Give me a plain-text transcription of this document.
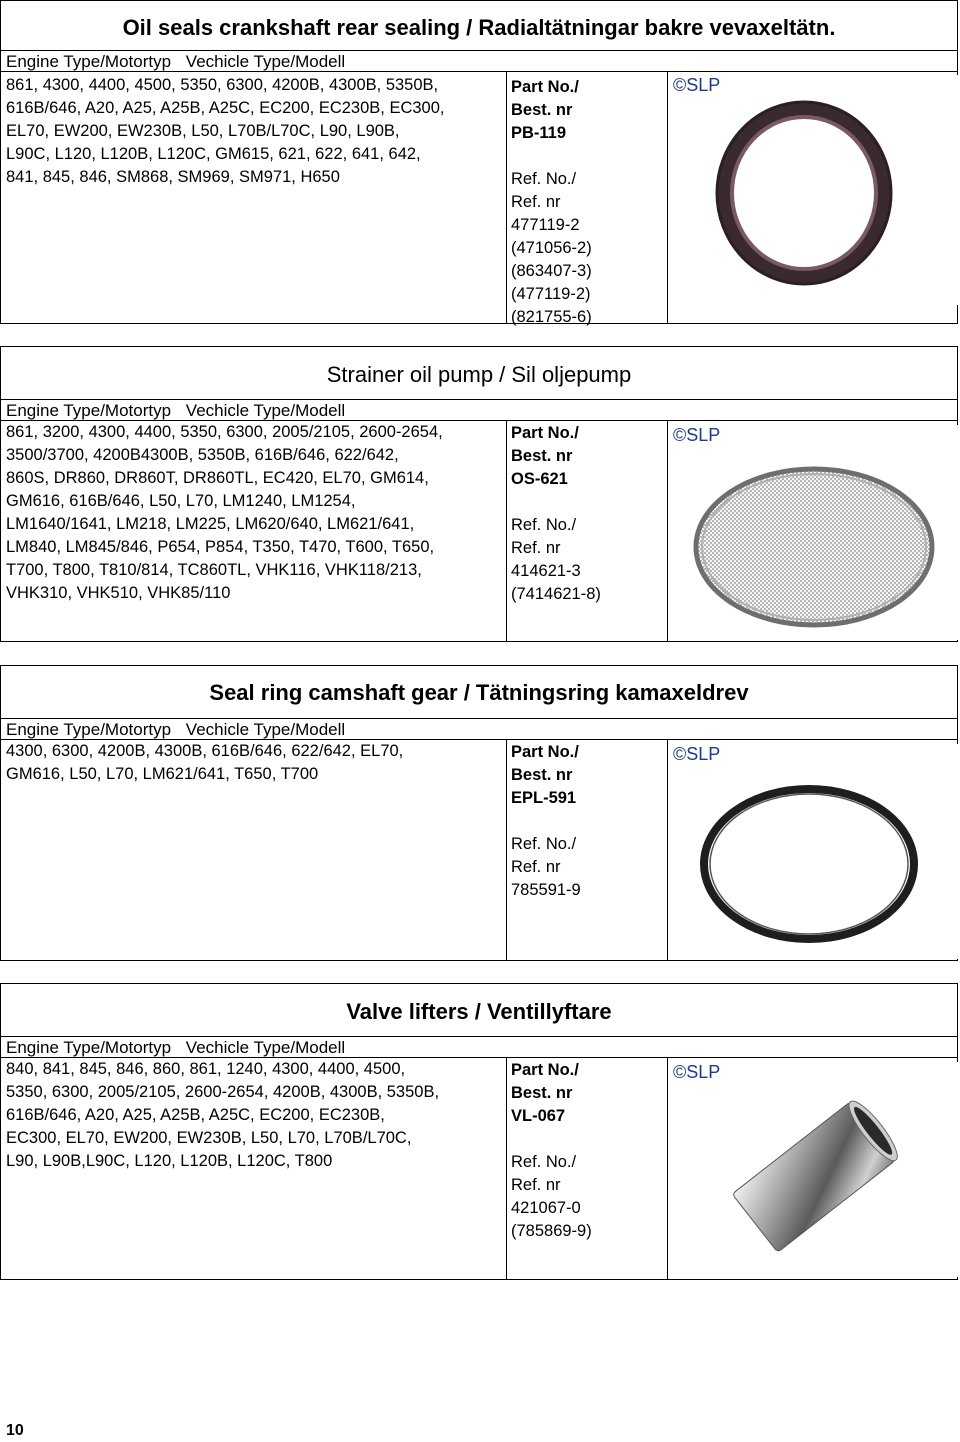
Oil seals crankshaft rear sealing / Radialtätningar bakre vevaxeltätn.
Engine Type/Motortyp Vechicle Type/Modell
861, 4300, 4400, 4500, 5350, 6300, 4200B, 4300B, 5350B,
616B/646, A20, A25, A25B, A25C, EC200, EC230B, EC300,
EL70, EW200, EW230B, L50, L70B/L70C, L90, L90B,
L90C, L120, L120B, L120C, GM615, 621, 622, 641, 642,
841, 845, 846, SM868, SM969, SM971, H650
Part No./
Best. nr
PB-119
Ref. No./
Ref. nr
477119-2
(471056-2)
(863407-3)
(477119-2)
(821755-6)
©SLP
Strainer oil pump / Sil oljepump
Engine Type/Motortyp Vechicle Type/Modell
861, 3200, 4300, 4400, 5350, 6300, 2005/2105, 2600-2654,
3500/3700, 4200B4300B, 5350B, 616B/646, 622/642,
860S, DR860, DR860T, DR860TL, EC420, EL70, GM614,
GM616, 616B/646, L50, L70, LM1240, LM1254,
LM1640/1641, LM218, LM225, LM620/640, LM621/641,
LM840, LM845/846, P654, P854, T350, T470, T600, T650,
T700, T800, T810/814, TC860TL, VHK116, VHK118/213,
VHK310, VHK510, VHK85/110
Part No./
Best. nr
OS-621
Ref. No./
Ref. nr
414621-3
(7414621-8)
©SLP
Seal ring camshaft gear / Tätningsring kamaxeldrev
Engine Type/Motortyp Vechicle Type/Modell
4300, 6300, 4200B, 4300B, 616B/646, 622/642, EL70,
GM616, L50, L70, LM621/641, T650, T700
Part No./
Best. nr
EPL-591
Ref. No./
Ref. nr
785591-9
©SLP
Valve lifters / Ventillyftare
Engine Type/Motortyp Vechicle Type/Modell
840, 841, 845, 846, 860, 861, 1240, 4300, 4400, 4500,
5350, 6300, 2005/2105, 2600-2654, 4200B, 4300B, 5350B,
616B/646, A20, A25, A25B, A25C, EC200, EC230B,
EC300, EL70, EW200, EW230B, L50, L70, L70B/L70C,
L90, L90B,L90C, L120, L120B, L120C, T800
Part No./
Best. nr
VL-067
Ref. No./
Ref. nr
421067-0
(785869-9)
©SLP
10
